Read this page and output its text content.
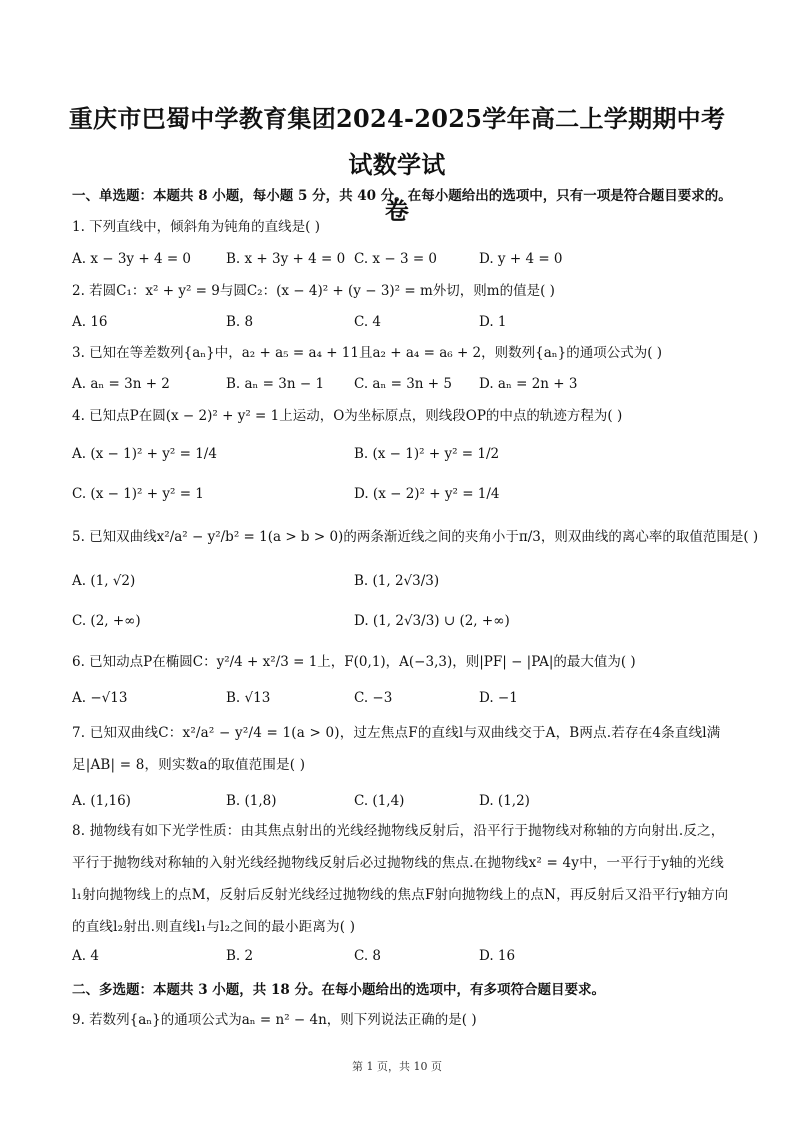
重庆市巴蜀中学教育集团2024-2025学年高二上学期期中考试数学试
卷
一、单选题：本题共 8 小题，每小题 5 分，共 40 分。在每小题给出的选项中，只有一项是符合题目要求的。
1. 下列直线中，倾斜角为钝角的直线是( )
A. x − 3y + 4 = 0	B. x + 3y + 4 = 0 C. x − 3 = 0	D. y + 4 = 0
2. 若圆C₁：x² + y² = 9与圆C₂：(x − 4)² + (y − 3)² = m外切，则m的值是( )
A. 16	B. 8	C. 4	D. 1
3. 已知在等差数列{aₙ}中，a₂ + a₅ = a₄ + 11且a₂ + a₄ = a₆ + 2，则数列{aₙ}的通项公式为( )
A. aₙ = 3n + 2	B. aₙ = 3n − 1 C. aₙ = 3n + 5 D. aₙ = 2n + 3
4. 已知点P在圆(x − 2)² + y² = 1上运动，O为坐标原点，则线段OP的中点的轨迹方程为( )
A. (x − 1)² + y² = 1/4	B. (x − 1)² + y² = 1/2
C. (x − 1)² + y² = 1	D. (x − 2)² + y² = 1/4
5. 已知双曲线x²/a² − y²/b² = 1(a > b > 0)的两条渐近线之间的夹角小于π/3，则双曲线的离心率的取值范围是( )
A. (1, √2)	B. (1, 2√3/3)
C. (2, +∞)	D. (1, 2√3/3) ∪ (2, +∞)
6. 已知动点P在椭圆C：y²/4 + x²/3 = 1上，F(0,1)，A(−3,3)，则|PF| − |PA|的最大值为( )
A. −√13	B. √13	C. −3	D. −1
7. 已知双曲线C：x²/a² − y²/4 = 1(a > 0)，过左焦点F的直线l与双曲线交于A，B两点.若存在4条直线l满足|AB| = 8，则实数a的取值范围是( )
A. (1,16)	B. (1,8)	C. (1,4)	D. (1,2)
8. 抛物线有如下光学性质：由其焦点射出的光线经抛物线反射后，沿平行于抛物线对称轴的方向射出.反之，平行于抛物线对称轴的入射光线经抛物线反射后必过抛物线的焦点.在抛物线x² = 4y中，一平行于y轴的光线l₁射向抛物线上的点M，反射后反射光线经过抛物线的焦点F射向抛物线上的点N，再反射后又沿平行y轴方向的直线l₂射出.则直线l₁与l₂之间的最小距离为( )
A. 4	B. 2	C. 8	D. 16
二、多选题：本题共 3 小题，共 18 分。在每小题给出的选项中，有多项符合题目要求。
9. 若数列{aₙ}的通项公式为aₙ = n² − 4n，则下列说法正确的是( )
第 1 页，共 10 页
